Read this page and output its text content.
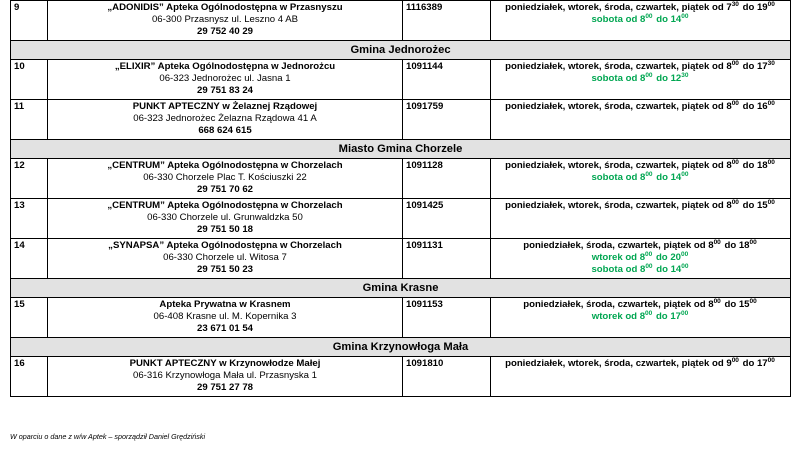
9	„ADONIDIS” Apteka Ogólnodostępna w Przasnyszu
06-300 Przasnysz ul. Leszno 4 AB
29 752 40 29	1116389	poniedziałek, wtorek, środa, czwartek, piątek od $7^{30}$ do $19^{00}$
sobota od $8^{00}$ do $14^{00}$

Gmina Jednorożec			
10	„ELIXIR” Apteka Ogólnodostępna w Jednorożcu
06-323 Jednorożec ul. Jasna 1
29 751 83 24	1091144	poniedziałek, wtorek, środa, czwartek, piątek od $8^{00}$ do $17^{30}$
sobota od $8^{00}$ do $12^{30}$

11	PUNKT APTECZNY w Żelaznej Rządowej
06-323 Jednorożec Żelazna Rządowa 41 A
668 624 615	1091759	poniedziałek, wtorek, środa, czwartek, piątek od $8^{00}$ do $16^{00}$

Miasto Gmina Chorzele			
12	„CENTRUM” Apteka Ogólnodostępna w Chorzelach
06-330 Chorzele Plac T. Kościuszki 22
29 751 70 62	1091128	poniedziałek, wtorek, środa, czwartek, piątek od $8^{00}$ do $18^{00}$
sobota od $8^{00}$ do $14^{00}$

13	„CENTRUM” Apteka Ogólnodostępna w Chorzelach
06-330 Chorzele ul. Grunwaldzka 50
29 751 50 18	1091425	poniedziałek, wtorek, środa, czwartek, piątek od $8^{00}$ do $15^{00}$

14	„SYNAPSA” Apteka Ogólnodostępna w Chorzelach
06-330 Chorzele ul. Witosa 7
29 751 50 23	1091131	poniedziałek, środa, czwartek, piątek od $8^{00}$ do $18^{00}$
wtorek od $8^{00}$ do $20^{00}$
sobota od $8^{00}$ do $14^{00}$

Gmina Krasne			
15	Apteka Prywatna w Krasnem
06-408 Krasne ul. M. Kopernika 3
23 671 01 54	1091153	poniedziałek, środa, czwartek, piątek od $8^{00}$ do $15^{00}$
wtorek od $8^{00}$ do $17^{00}$

Gmina Krzynowłoga Mała			
16	PUNKT APTECZNY w Krzynowłodze Małej
06-316 Krzynowłoga Mała ul. Przasnyska 1
29 751 27 78	1091810	poniedziałek, wtorek, środa, czwartek, piątek od $9^{00}$ do $17^{00}$
W oparciu o dane z w/w Aptek – sporządził Daniel Grędziński
